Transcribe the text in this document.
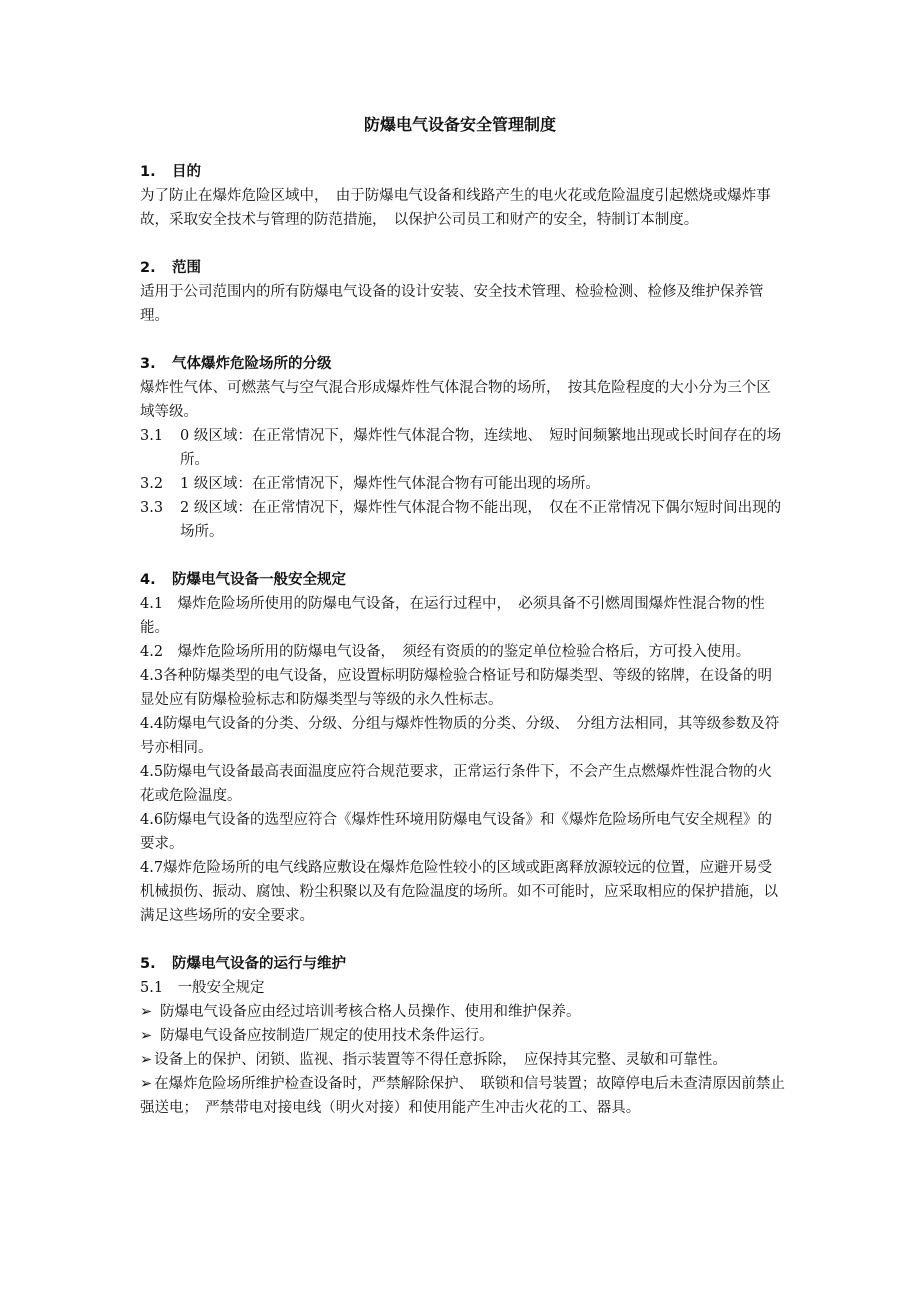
防爆电气设备安全管理制度
1. 目的

为了防止在爆炸危险区域中，　由于防爆电气设备和线路产生的电火花或危险温度引起燃烧或爆炸事故，采取安全技术与管理的防范措施，　以保护公司员工和财产的安全，特制订本制度。

2. 范围

适用于公司范围内的所有防爆电气设备的设计安装、安全技术管理、检验检测、检修及维护保养管理。

3. 气体爆炸危险场所的分级

爆炸性气体、可燃蒸气与空气混合形成爆炸性气体混合物的场所，　按其危险程度的大小分为三个区域等级。

3.1	0 级区域：在正常情况下，爆炸性气体混合物，连续地、　短时间频繁地出现或长时间存在的场所。
3.2	1 级区域：在正常情况下，爆炸性气体混合物有可能出现的场所。
3.3	2 级区域：在正常情况下，爆炸性气体混合物不能出现，　仅在不正常情况下偶尔短时间出现的场所。
4. 防爆电气设备一般安全规定

4.1　 爆炸危险场所使用的防爆电气设备，在运行过程中，　必须具备不引燃周围爆炸性混合物的性能。

4.2　 爆炸危险场所用的防爆电气设备，　须经有资质的的鉴定单位检验合格后，方可投入使用。

4.3各种防爆类型的电气设备，应设置标明防爆检验合格证号和防爆类型、等级的铭牌，在设备的明显处应有防爆检验标志和防爆类型与等级的永久性标志。

4.4防爆电气设备的分类、分级、分组与爆炸性物质的分类、分级、　分组方法相同，其等级参数及符号亦相同。

4.5防爆电气设备最高表面温度应符合规范要求，正常运行条件下，不会产生点燃爆炸性混合物的火花或危险温度。

4.6防爆电气设备的选型应符合《爆炸性环境用防爆电气设备》和《爆炸危险场所电气安全规程》的要求。

4.7爆炸危险场所的电气线路应敷设在爆炸危险性较小的区域或距离释放源较远的位置，应避开易受机械损伤、振动、腐蚀、粉尘积聚以及有危险温度的场所。如不可能时，应采取相应的保护措施，以满足这些场所的安全要求。

5. 防爆电气设备的运行与维护

5.1　 一般安全规定

➢ 防爆电气设备应由经过培训考核合格人员操作、使用和维护保养。
➢ 防爆电气设备应按制造厂规定的使用技术条件运行。

➢ 设备上的保护、闭锁、监视、指示装置等不得任意拆除，　应保持其完整、灵敏和可靠性。

➢ 在爆炸危险场所维护检查设备时，严禁解除保护、　联锁和信号装置；故障停电后未查清原因前禁止强送电；　严禁带电对接电线（明火对接）和使用能产生冲击火花的工、器具。
